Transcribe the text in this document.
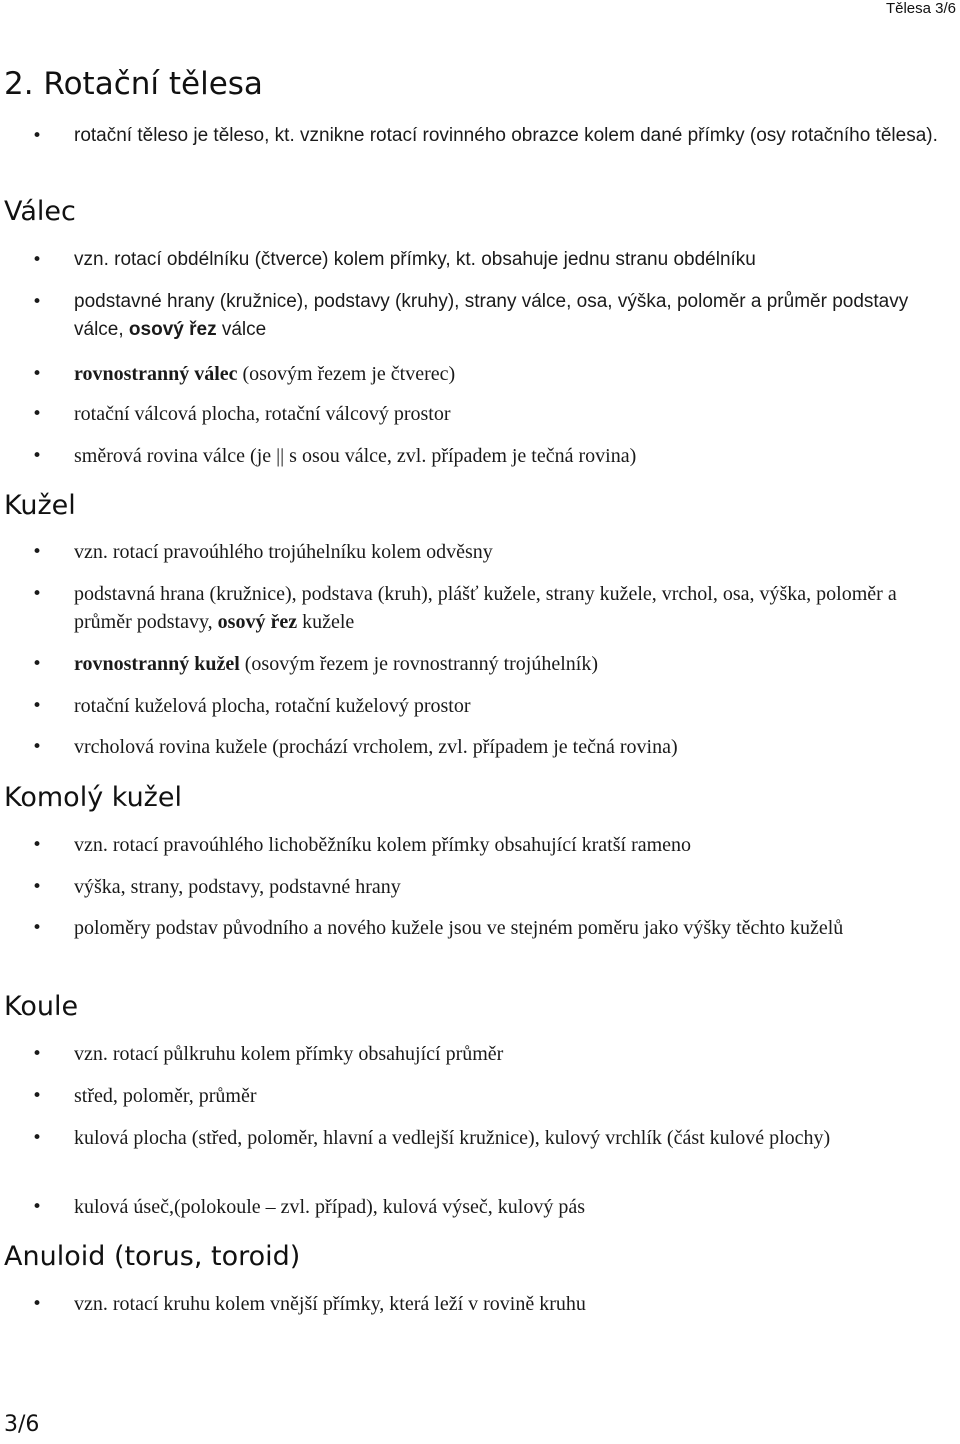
Tělesa 3/6
2. Rotační tělesa
• rotační těleso je těleso, kt. vznikne rotací rovinného obrazce kolem dané přímky (osy rotačního tělesa).
Válec
• vzn. rotací obdélníku (čtverce) kolem přímky, kt. obsahuje jednu stranu obdélníku
• podstavné hrany (kružnice), podstavy (kruhy), strany válce, osa, výška, poloměr a průměr podstavy válce, osový řez válce
• rovnostranný válec (osovým řezem je čtverec)
• rotační válcová plocha, rotační válcový prostor
• směrová rovina válce (je || s osou válce, zvl. případem je tečná rovina)
Kužel
• vzn. rotací pravoúhlého trojúhelníku kolem odvěsny
• podstavná hrana (kružnice), podstava (kruh), plášť kužele, strany kužele, vrchol, osa, výška, poloměr a průměr podstavy, osový řez kužele
• rovnostranný kužel (osovým řezem je rovnostranný trojúhelník)
• rotační kuželová plocha, rotační kuželový prostor
• vrcholová rovina kužele (prochází vrcholem, zvl. případem je tečná rovina)
Komolý kužel
• vzn. rotací pravoúhlého lichoběžníku kolem přímky obsahující kratší rameno
• výška, strany, podstavy, podstavné hrany
• poloměry podstav původního a nového kužele jsou ve stejném poměru jako výšky těchto kuželů
Koule
• vzn. rotací půlkruhu kolem přímky obsahující průměr
• střed, poloměr, průměr
• kulová plocha (střed, poloměr, hlavní a vedlejší kružnice), kulový vrchlík (část kulové plochy)
• kulová úseč,(polokoule – zvl. případ), kulová výseč, kulový pás
Anuloid (torus, toroid)
• vzn. rotací kruhu kolem vnější přímky, která leží v rovině kruhu
3/6
